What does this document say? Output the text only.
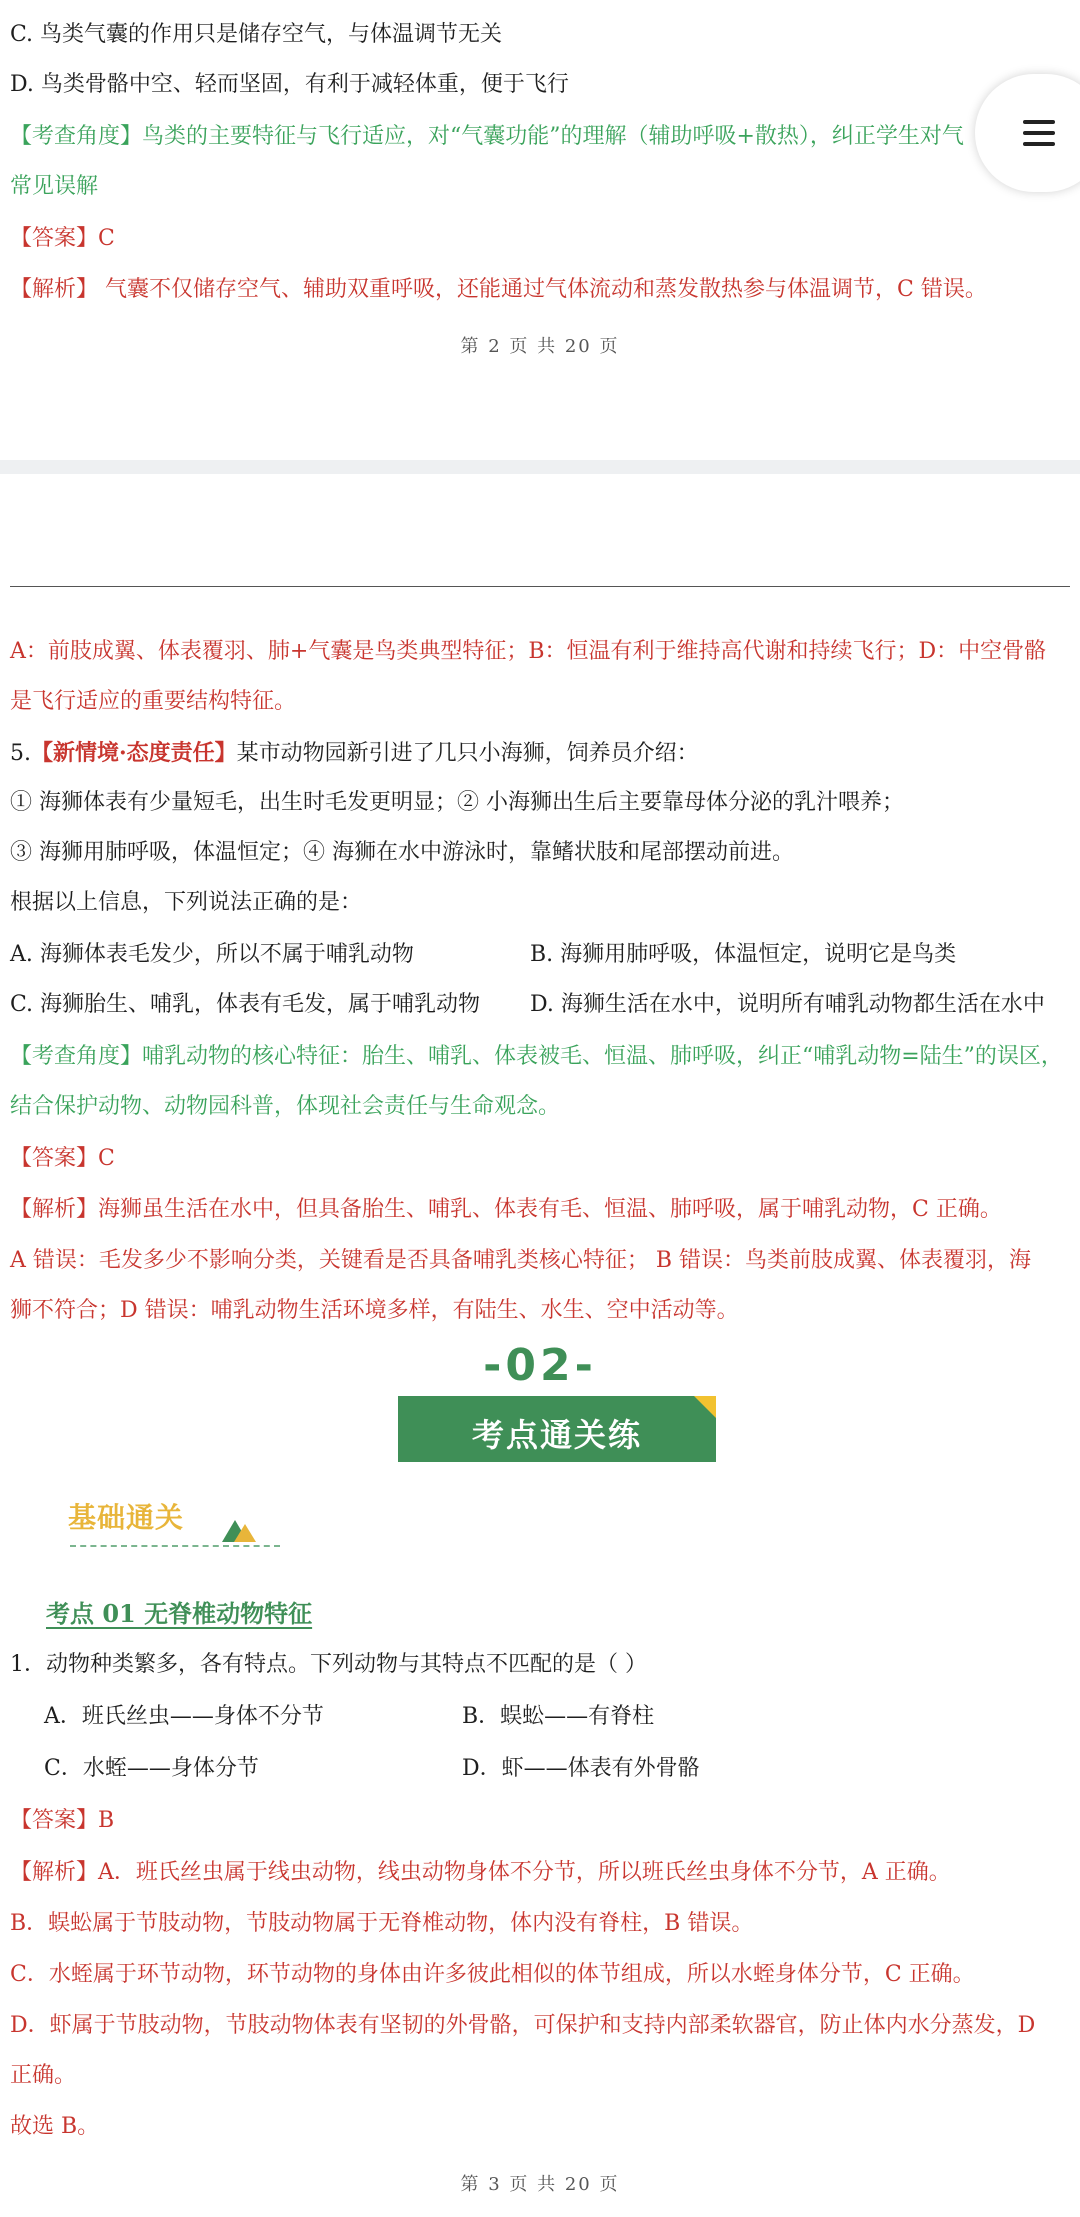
C. 鸟类气囊的作用只是储存空气，与体温调节无关
D. 鸟类骨骼中空、轻而坚固，有利于减轻体重，便于飞行
【考查角度】鸟类的主要特征与飞行适应，对“气囊功能”的理解（辅助呼吸+散热），纠正学生对气
常见误解
【答案】C
【解析】 气囊不仅储存空气、辅助双重呼吸，还能通过气体流动和蒸发散热参与体温调节，C 错误。
第 2 页 共 20 页
A：前肢成翼、体表覆羽、肺+气囊是鸟类典型特征；B：恒温有利于维持高代谢和持续飞行；D：中空骨骼
是飞行适应的重要结构特征。
5.【新情境·态度责任】某市动物园新引进了几只小海狮，饲养员介绍：
① 海狮体表有少量短毛，出生时毛发更明显；② 小海狮出生后主要靠母体分泌的乳汁喂养；
③ 海狮用肺呼吸，体温恒定；④ 海狮在水中游泳时，靠鳍状肢和尾部摆动前进。
根据以上信息，下列说法正确的是：
A. 海狮体表毛发少，所以不属于哺乳动物	B. 海狮用肺呼吸，体温恒定，说明它是鸟类
C. 海狮胎生、哺乳，体表有毛发，属于哺乳动物 D. 海狮生活在水中，说明所有哺乳动物都生活在水中
【考查角度】哺乳动物的核心特征：胎生、哺乳、体表被毛、恒温、肺呼吸，纠正“哺乳动物=陆生”的误区，
结合保护动物、动物园科普，体现社会责任与生命观念。
【答案】C
【解析】海狮虽生活在水中，但具备胎生、哺乳、体表有毛、恒温、肺呼吸，属于哺乳动物，C 正确。
A 错误：毛发多少不影响分类，关键看是否具备哺乳类核心特征； B 错误：鸟类前肢成翼、体表覆羽，海
狮不符合；D 错误：哺乳动物生活环境多样，有陆生、水生、空中活动等。
-02-
考点通关练
基础通关
考点 01 无脊椎动物特征
1．动物种类繁多，各有特点。下列动物与其特点不匹配的是（ ）
A．班氏丝虫——身体不分节	B．蜈蚣——有脊柱
C．水蛭——身体分节	D．虾——体表有外骨骼
【答案】B
【解析】A．班氏丝虫属于线虫动物，线虫动物身体不分节，所以班氏丝虫身体不分节，A 正确。
B．蜈蚣属于节肢动物，节肢动物属于无脊椎动物，体内没有脊柱，B 错误。
C．水蛭属于环节动物，环节动物的身体由许多彼此相似的体节组成，所以水蛭身体分节，C 正确。
D．虾属于节肢动物，节肢动物体表有坚韧的外骨骼，可保护和支持内部柔软器官，防止体内水分蒸发，D
正确。
故选 B。
第 3 页 共 20 页
